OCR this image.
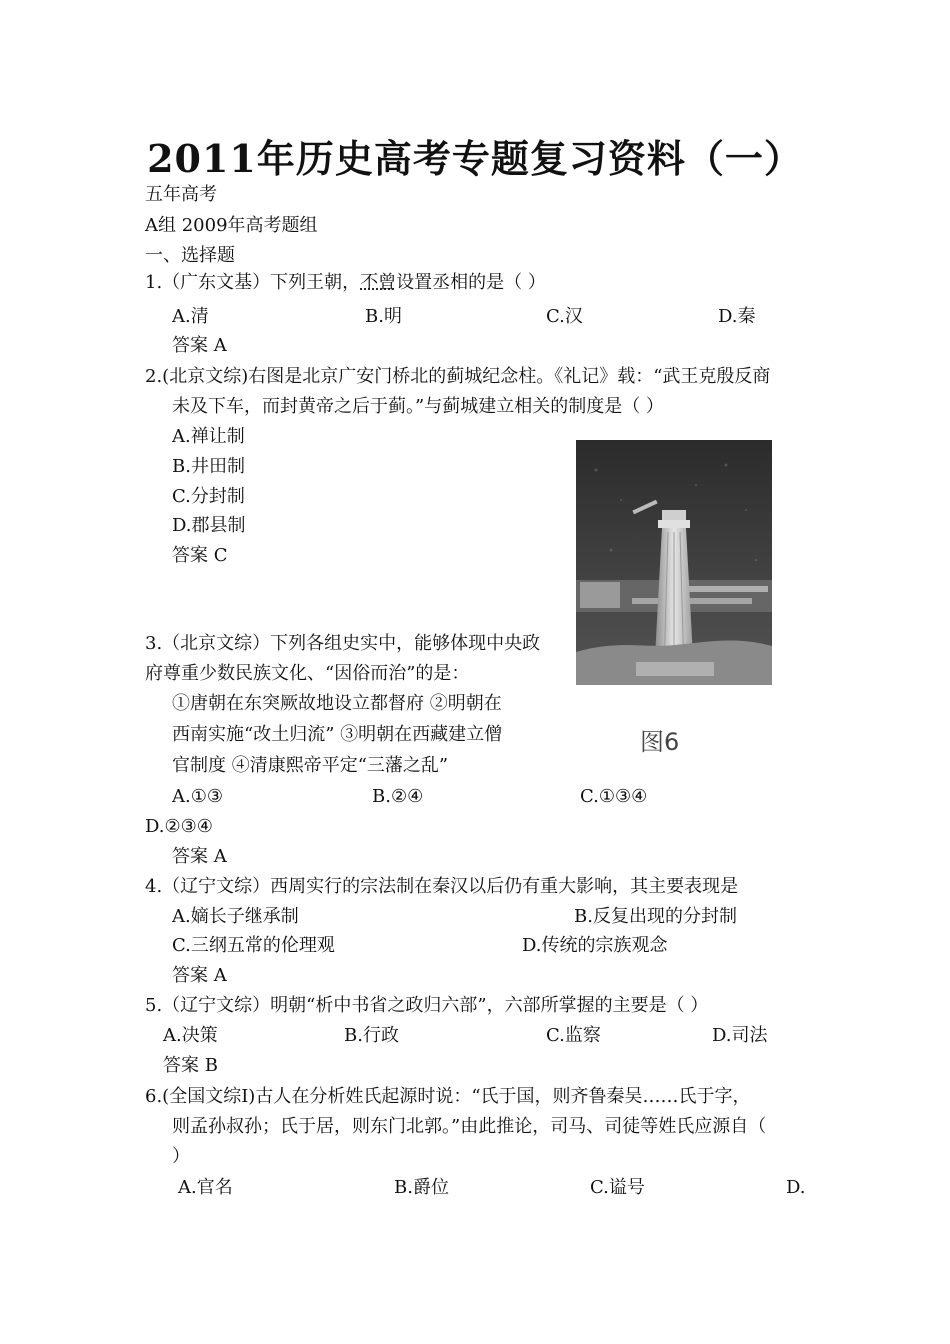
2011年历史高考专题复习资料（一）
五年高考
A组 2009年高考题组
一、选择题
1.（广东文基）下列王朝，不曾设置丞相的是（ ）
A.清	B.明	C.汉	D.秦
答案 A
2.(北京文综)右图是北京广安门桥北的蓟城纪念柱。《礼记》载：“武王克殷反商
未及下车，而封黄帝之后于蓟。”与蓟城建立相关的制度是（ ）
A.禅让制
B.井田制
C.分封制
D.郡县制
答案 C
图6
3.（北京文综）下列各组史实中，能够体现中央政
府尊重少数民族文化、“因俗而治”的是：
①唐朝在东突厥故地设立都督府 ②明朝在
西南实施“改土归流” ③明朝在西藏建立僧
官制度 ④清康熙帝平定“三藩之乱”
A.①③	B.②④	C.①③④
D.②③④
答案 A
4.（辽宁文综）西周实行的宗法制在秦汉以后仍有重大影响，其主要表现是
A.嫡长子继承制	B.反复出现的分封制
C.三纲五常的伦理观	D.传统的宗族观念
答案 A
5.（辽宁文综）明朝“析中书省之政归六部”，六部所掌握的主要是（ ）
A.决策	B.行政	C.监察	D.司法
答案 B
6.(全国文综Ⅰ)古人在分析姓氏起源时说：“氏于国，则齐鲁秦吴……氏于字，
则孟孙叔孙；氏于居，则东门北郭。”由此推论，司马、司徒等姓氏应源自（
）
A.官名	B.爵位	C.谥号	D.
